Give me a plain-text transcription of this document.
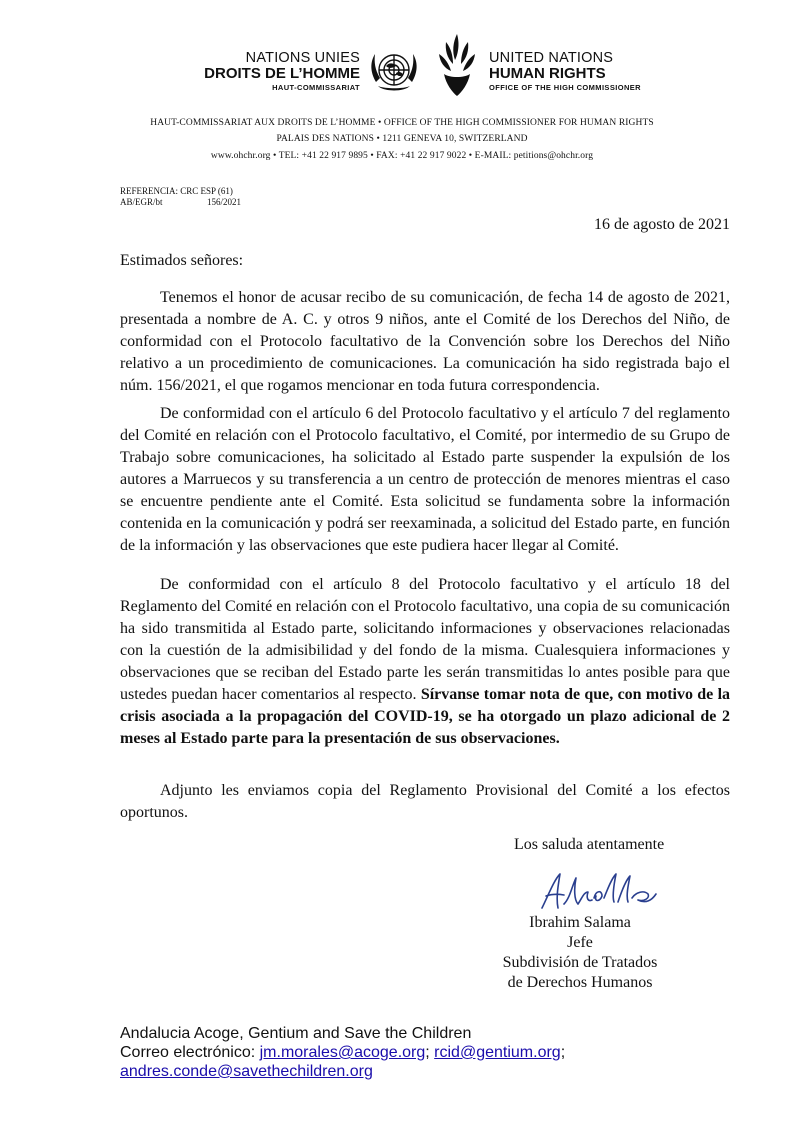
NATIONS UNIES
DROITS DE L’HOMME
HAUT-COMMISSARIAT
UNITED NATIONS
HUMAN RIGHTS
OFFICE OF THE HIGH COMMISSIONER
HAUT-COMMISSARIAT AUX DROITS DE L’HOMME • OFFICE OF THE HIGH COMMISSIONER FOR HUMAN RIGHTS
PALAIS DES NATIONS • 1211 GENEVA 10, SWITZERLAND
www.ohchr.org • TEL: +41 22 917 9895 • FAX: +41 22 917 9022 • E-MAIL: petitions@ohchr.org
REFERENCIA: CRC ESP (61)
AB/EGR/bt	156/2021
16 de agosto de 2021
Estimados señores:

Tenemos el honor de acusar recibo de su comunicación, de fecha 14 de agosto de 2021, presentada a nombre de A. C. y otros 9 niños, ante el Comité de los Derechos del Niño, de conformidad con el Protocolo facultativo de la Convención sobre los Derechos del Niño relativo a un procedimiento de comunicaciones. La comunicación ha sido registrada bajo el núm. 156/2021, el que rogamos mencionar en toda futura correspondencia.

De conformidad con el artículo 6 del Protocolo facultativo y el artículo 7 del reglamento del Comité en relación con el Protocolo facultativo, el Comité, por intermedio de su Grupo de Trabajo sobre comunicaciones, ha solicitado al Estado parte suspender la expulsión de los autores a Marruecos y su transferencia a un centro de protección de menores mientras el caso se encuentre pendiente ante el Comité. Esta solicitud se fundamenta sobre la información contenida en la comunicación y podrá ser reexaminada, a solicitud del Estado parte, en función de la información y las observaciones que este pudiera hacer llegar al Comité.

De conformidad con el artículo 8 del Protocolo facultativo y el artículo 18 del Reglamento del Comité en relación con el Protocolo facultativo, una copia de su comunicación ha sido transmitida al Estado parte, solicitando informaciones y observaciones relacionadas con la cuestión de la admisibilidad y del fondo de la misma. Cualesquiera informaciones y observaciones que se reciban del Estado parte les serán transmitidas lo antes posible para que ustedes puedan hacer comentarios al respecto. Sírvanse tomar nota de que, con motivo de la crisis asociada a la propagación del COVID-19, se ha otorgado un plazo adicional de 2 meses al Estado parte para la presentación de sus observaciones.

Adjunto les enviamos copia del Reglamento Provisional del Comité a los efectos oportunos.

Los saluda atentamente
Ibrahim Salama
Jefe
Subdivisión de Tratados
de Derechos Humanos
Andalucia Acoge, Gentium and Save the Children
Correo electrónico: jm.morales@acoge.org; rcid@gentium.org;
andres.conde@savethechildren.org
